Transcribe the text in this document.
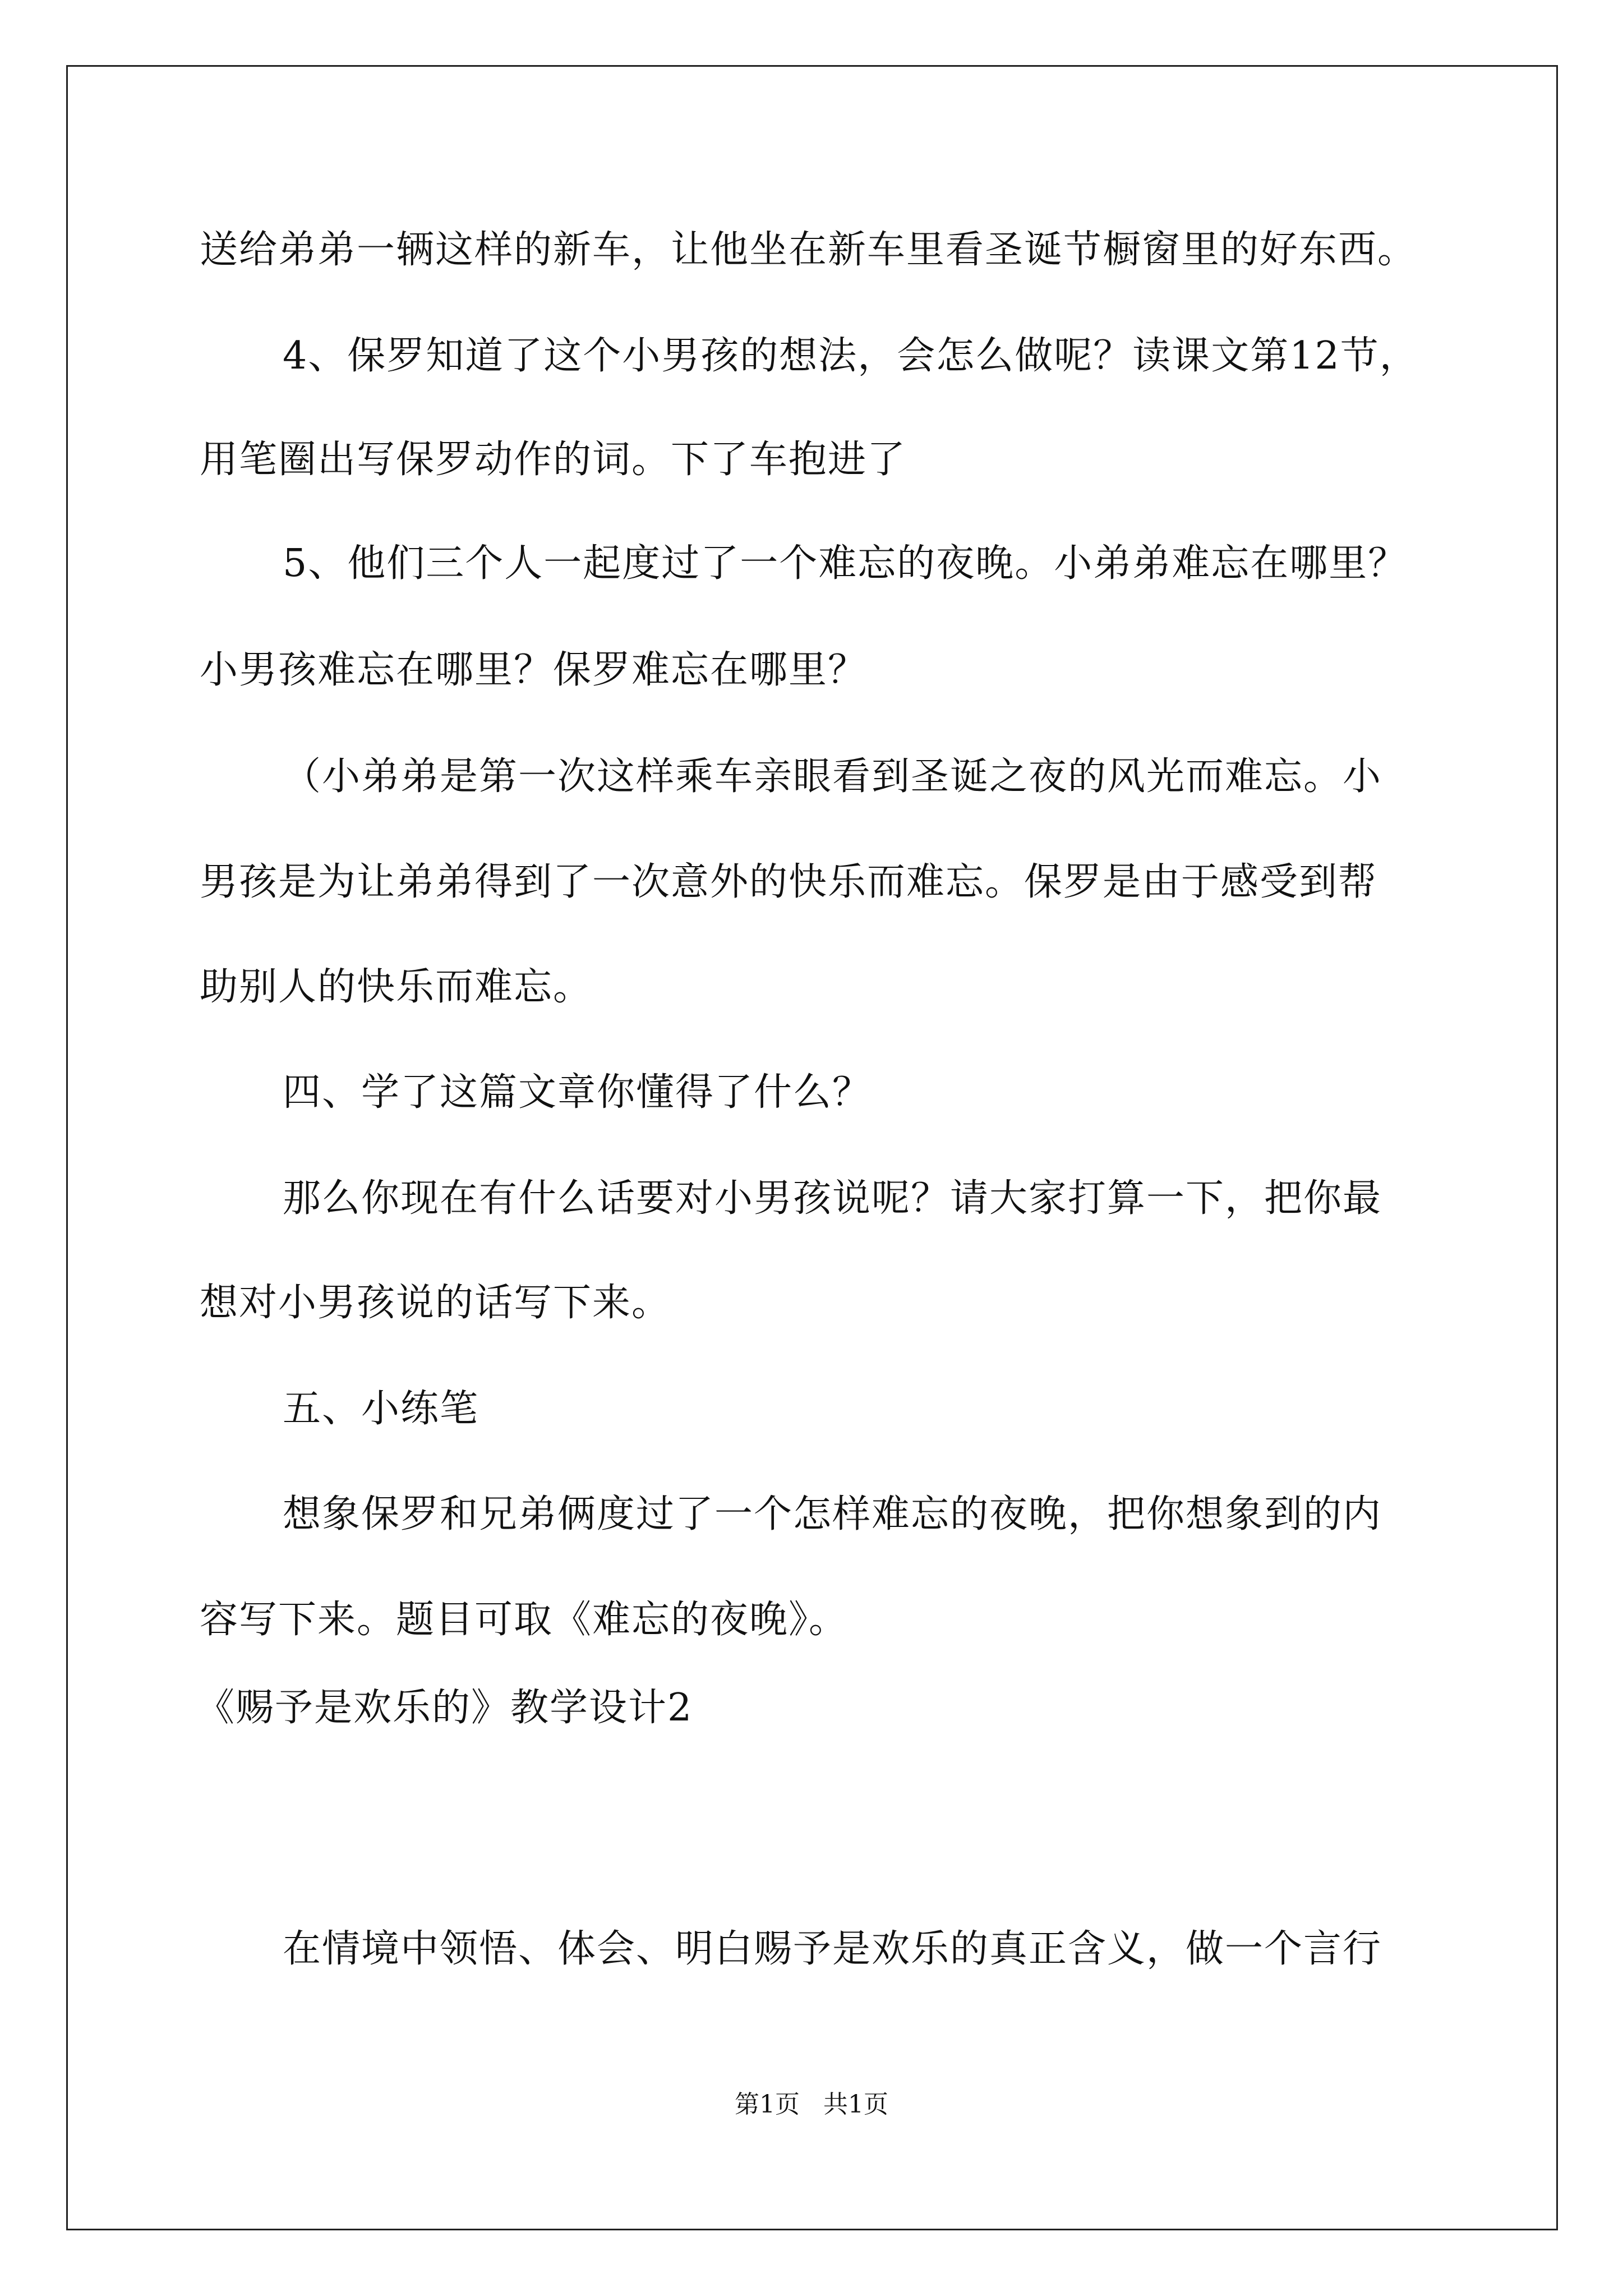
送给弟弟一辆这样的新车，让他坐在新车里看圣诞节橱窗里的好东西。
4、保罗知道了这个小男孩的想法，会怎么做呢？读课文第12节，
用笔圈出写保罗动作的词。下了车抱进了
5、他们三个人一起度过了一个难忘的夜晚。小弟弟难忘在哪里？
小男孩难忘在哪里？保罗难忘在哪里？
（小弟弟是第一次这样乘车亲眼看到圣诞之夜的风光而难忘。小
男孩是为让弟弟得到了一次意外的快乐而难忘。保罗是由于感受到帮
助别人的快乐而难忘。
四、学了这篇文章你懂得了什么？
那么你现在有什么话要对小男孩说呢？请大家打算一下，把你最
想对小男孩说的话写下来。
五、小练笔
想象保罗和兄弟俩度过了一个怎样难忘的夜晚，把你想象到的内
容写下来。题目可取《难忘的夜晚》。
《赐予是欢乐的》教学设计2
在情境中领悟、体会、明白赐予是欢乐的真正含义，做一个言行
第1页   共1页
